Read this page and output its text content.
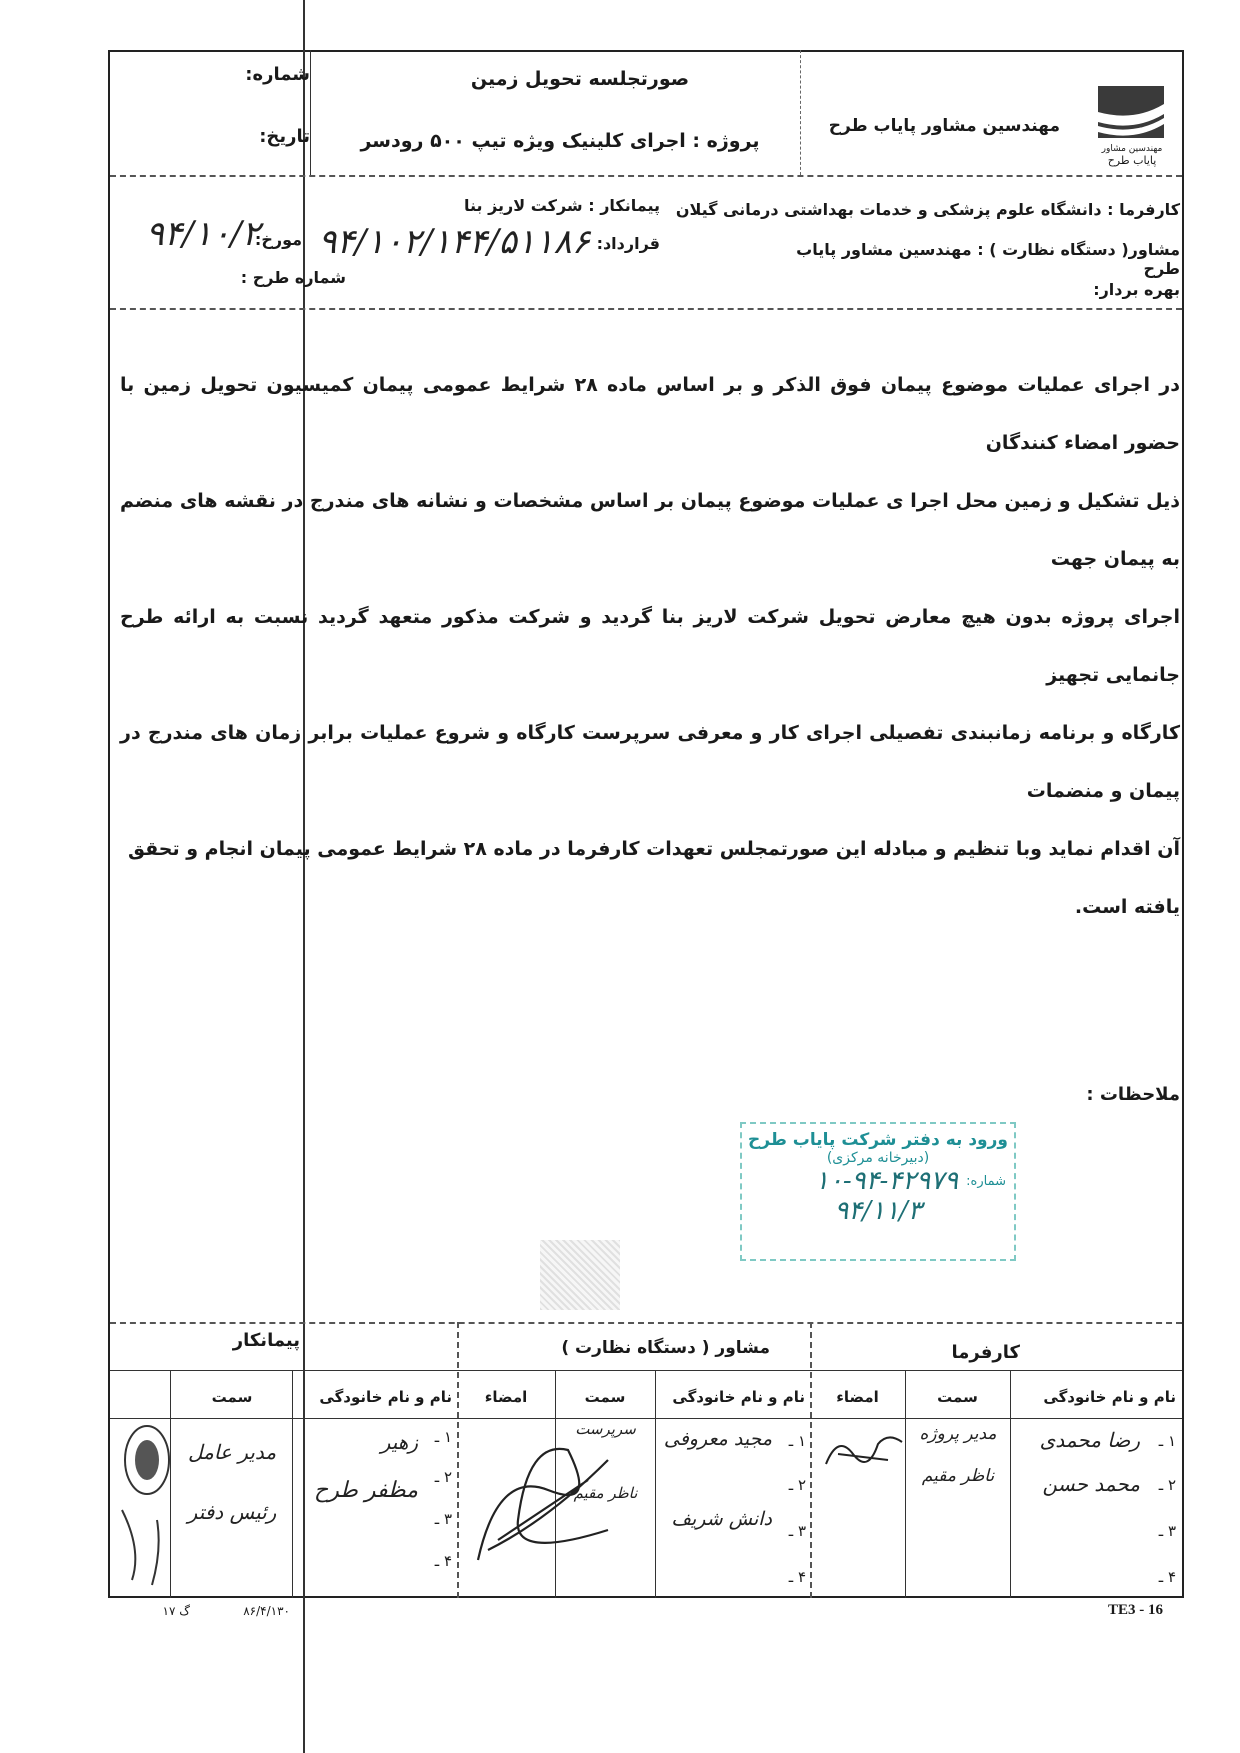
شماره:
تاریخ:
صورتجلسه تحویل زمین
پروژه : اجرای کلینیک ویژه تیپ ۵۰۰ رودسر
مهندسین مشاور پایاب طرح
مهندسین مشاور
پایاب طرح
کارفرما : دانشگاه علوم پزشکی و خدمات بهداشتی درمانی گیلان
پیمانکار : شرکت لاریز بنا
مشاور( دستگاه نظارت ) : مهندسین مشاور پایاب طرح
قرارداد:
۹۴/۱۰۲/۱۴۴/۵۱۱۸۶
مورخ:
۹۴/۱۰/۲
شماره طرح :
بهره بردار:

در اجرای عملیات موضوع پیمان فوق الذکر و بر اساس ماده ۲۸ شرایط عمومی پیمان کمیسیون تحویل زمین با حضور امضاء کنندگان

ذیل تشکیل و زمین محل اجرا ی عملیات موضوع پیمان بر اساس مشخصات و نشانه های مندرج در نقشه های منضم به پیمان جهت

اجرای پروژه بدون هیچ معارض تحویل شرکت لاریز بنا گردید و شرکت مذکور متعهد گردید نسبت به ارائه طرح جانمایی تجهیز

کارگاه و برنامه زمانبندی تفصیلی اجرای کار و معرفی سرپرست کارگاه و شروع عملیات برابر زمان های مندرج در پیمان و منضمات

آن اقدام نماید وبا تنظیم و مبادله این صورتمجلس تعهدات کارفرما در ماده ۲۸ شرایط عمومی پیمان انجام و تحقق یافته است.

ملاحظات :
ورود به دفتر شرکت پایاب طرح
(دبیرخانه مرکزی)
شماره:
۱۰-۹۴-۴۲۹۷۹
۹۴/۱۱/۳
کارفرما
مشاور ( دستگاه نظارت )
پیمانکار
نام و نام خانودگی
سمت
امضاء
نام و نام خانودگی
سمت
امضاء
نام و نام خانودگی
سمت
۱ ـ
۲ ـ
۳ ـ
۴ ـ
رضا محمدی
محمد حسن
مدیر پروژه
ناظر مقیم
۱ ـ
۲ ـ
۳ ـ
۴ ـ
مجید معروفی
دانش شریف
سرپرست
ناظر مقیم
۱ ـ
۲ ـ
۳ ـ
۴ ـ
زهیر
مظفر طرح
مدیر عامل
رئیس دفتر
TE3 - 16
۸۶/۴/۱۳۰
گ ۱۷
